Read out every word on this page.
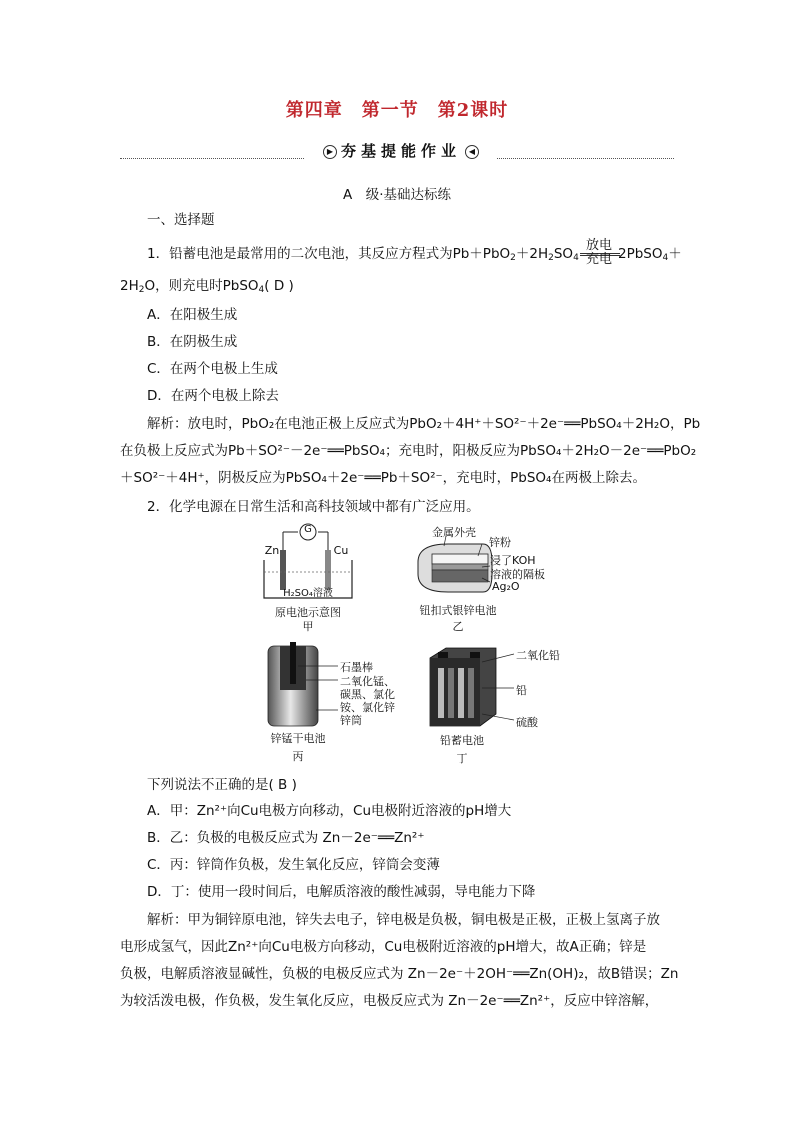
第四章　第一节　第2课时
▶ 夯基提能作业 ◀
A　级·基础达标练
一、选择题
1．铅蓄电池是最常用的二次电池，其反应方程式为$Pb+PbO_2+2H_2SO_4$
放电
充电 2PbSO$_4$＋
$2H_2O$，则充电时PbSO$_4$( D )
A．在阳极生成
B．在阴极生成
C．在两个电极上生成
D．在两个电极上除去
解析：放电时，PbO₂在电池正极上反应式为PbO₂＋4H⁺＋SO²⁻＋2e⁻══PbSO₄＋2H₂O，Pb
在负极上反应式为Pb＋SO²⁻－2e⁻══PbSO₄；充电时，阳极反应为PbSO₄＋2H₂O－2e⁻══PbO₂
＋SO²⁻＋4H⁺，阴极反应为PbSO₄＋2e⁻══Pb＋SO²⁻，充电时，PbSO₄在两极上除去。
2．化学电源在日常生活和高科技领域中都有广泛应用。
G
Zn	Cu
H₂SO₄溶液
原电池示意图
甲
金属外壳
锌粉
浸了KOH
溶液的隔板
Ag₂O
钮扣式银锌电池
乙
石墨棒
二氧化锰、
碳黑、氯化
铵、氯化锌
锌筒
锌锰干电池
丙
二氧化铅
铅
硫酸
铅蓄电池
丁
下列说法不正确的是( B )
A．甲：Zn²⁺向Cu电极方向移动，Cu电极附近溶液的pH增大
B．乙：负极的电极反应式为 Zn－2e⁻══Zn²⁺
C．丙：锌筒作负极，发生氧化反应，锌筒会变薄
D．丁：使用一段时间后，电解质溶液的酸性减弱，导电能力下降
解析：甲为铜锌原电池，锌失去电子，锌电极是负极，铜电极是正极，正极上氢离子放
电形成氢气，因此Zn²⁺向Cu电极方向移动，Cu电极附近溶液的pH增大，故A正确；锌是
负极，电解质溶液显碱性，负极的电极反应式为 Zn－2e⁻＋2OH⁻══Zn(OH)₂，故B错误；Zn
为较活泼电极，作负极，发生氧化反应，电极反应式为 Zn－2e⁻══Zn²⁺，反应中锌溶解，
